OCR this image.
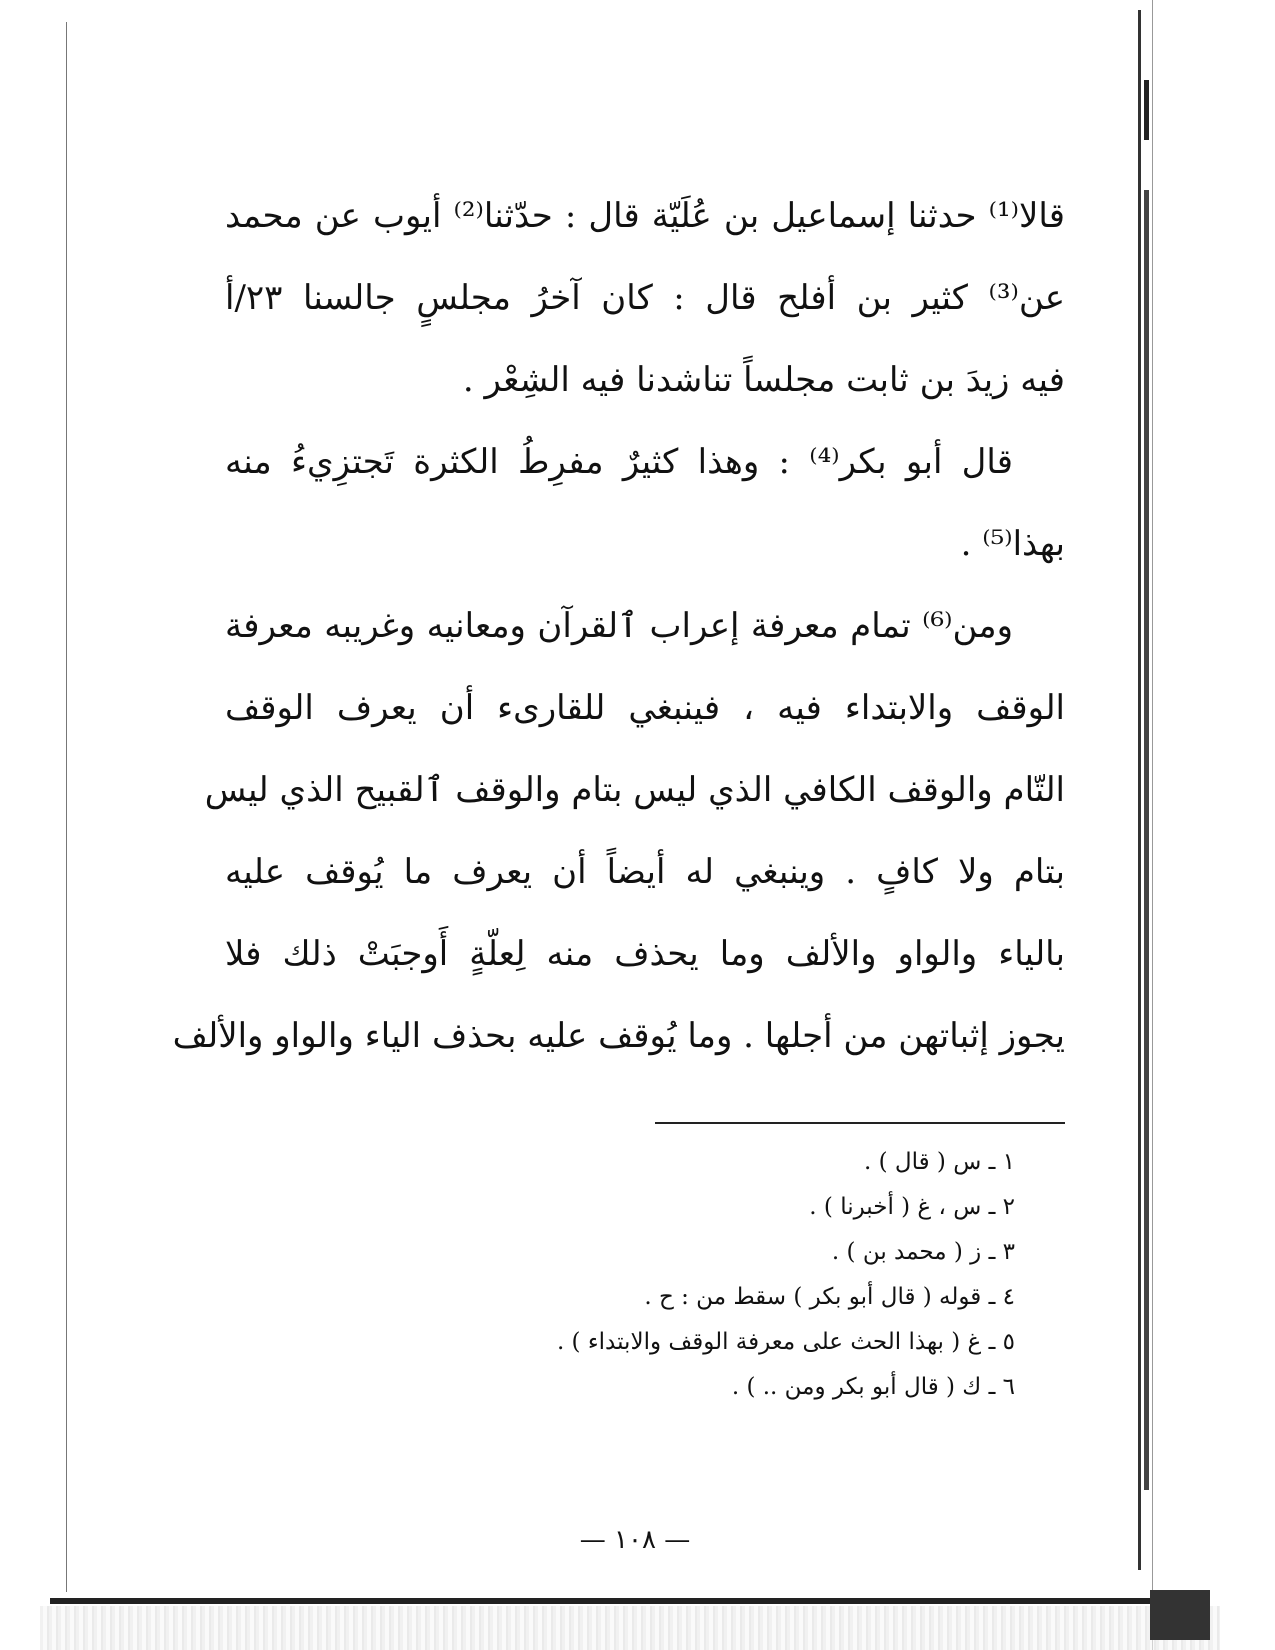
قالا⁽¹⁾ حدثنا إسماعيل بن عُلَيّة قال : حدّثنا⁽²⁾ أيوب عن محمد
عن⁽³⁾ كثير بن أفلح قال : كان آخرُ مجلسٍ جالسنا ٢٣/أ
فيه زيدَ بن ثابت مجلساً تناشدنا فيه الشِعْر .
قال أبو بكر⁽⁴⁾ : وهذا كثيرٌ مفرِطُ الكثرة تَجتزِيءُ منه
بهذا⁽⁵⁾ .
ومن⁽⁶⁾ تمام معرفة إعراب ٱلقرآن ومعانيه وغريبه معرفة
الوقف والابتداء فيه ، فينبغي للقارىء أن يعرف الوقف
التّام والوقف الكافي الذي ليس بتام والوقف ٱلقبيح الذي ليس
بتام ولا كافٍ . وينبغي له أيضاً أن يعرف ما يُوقف عليه
بالياء والواو والألف وما يحذف منه لِعلّةٍ أَوجبَتْ ذلك فلا
يجوز إثباتهن من أجلها . وما يُوقف عليه بحذف الياء والواو والألف
١ ـ س ( قال ) .
٢ ـ س ، غ ( أخبرنا ) .
٣ ـ ز ( محمد بن ) .
٤ ـ قوله ( قال أبو بكر ) سقط من : ح .
٥ ـ غ ( بهذا الحث على معرفة الوقف والابتداء ) .
٦ ـ ك ( قال أبو بكر ومن .. ) .
— ١٠٨ —
